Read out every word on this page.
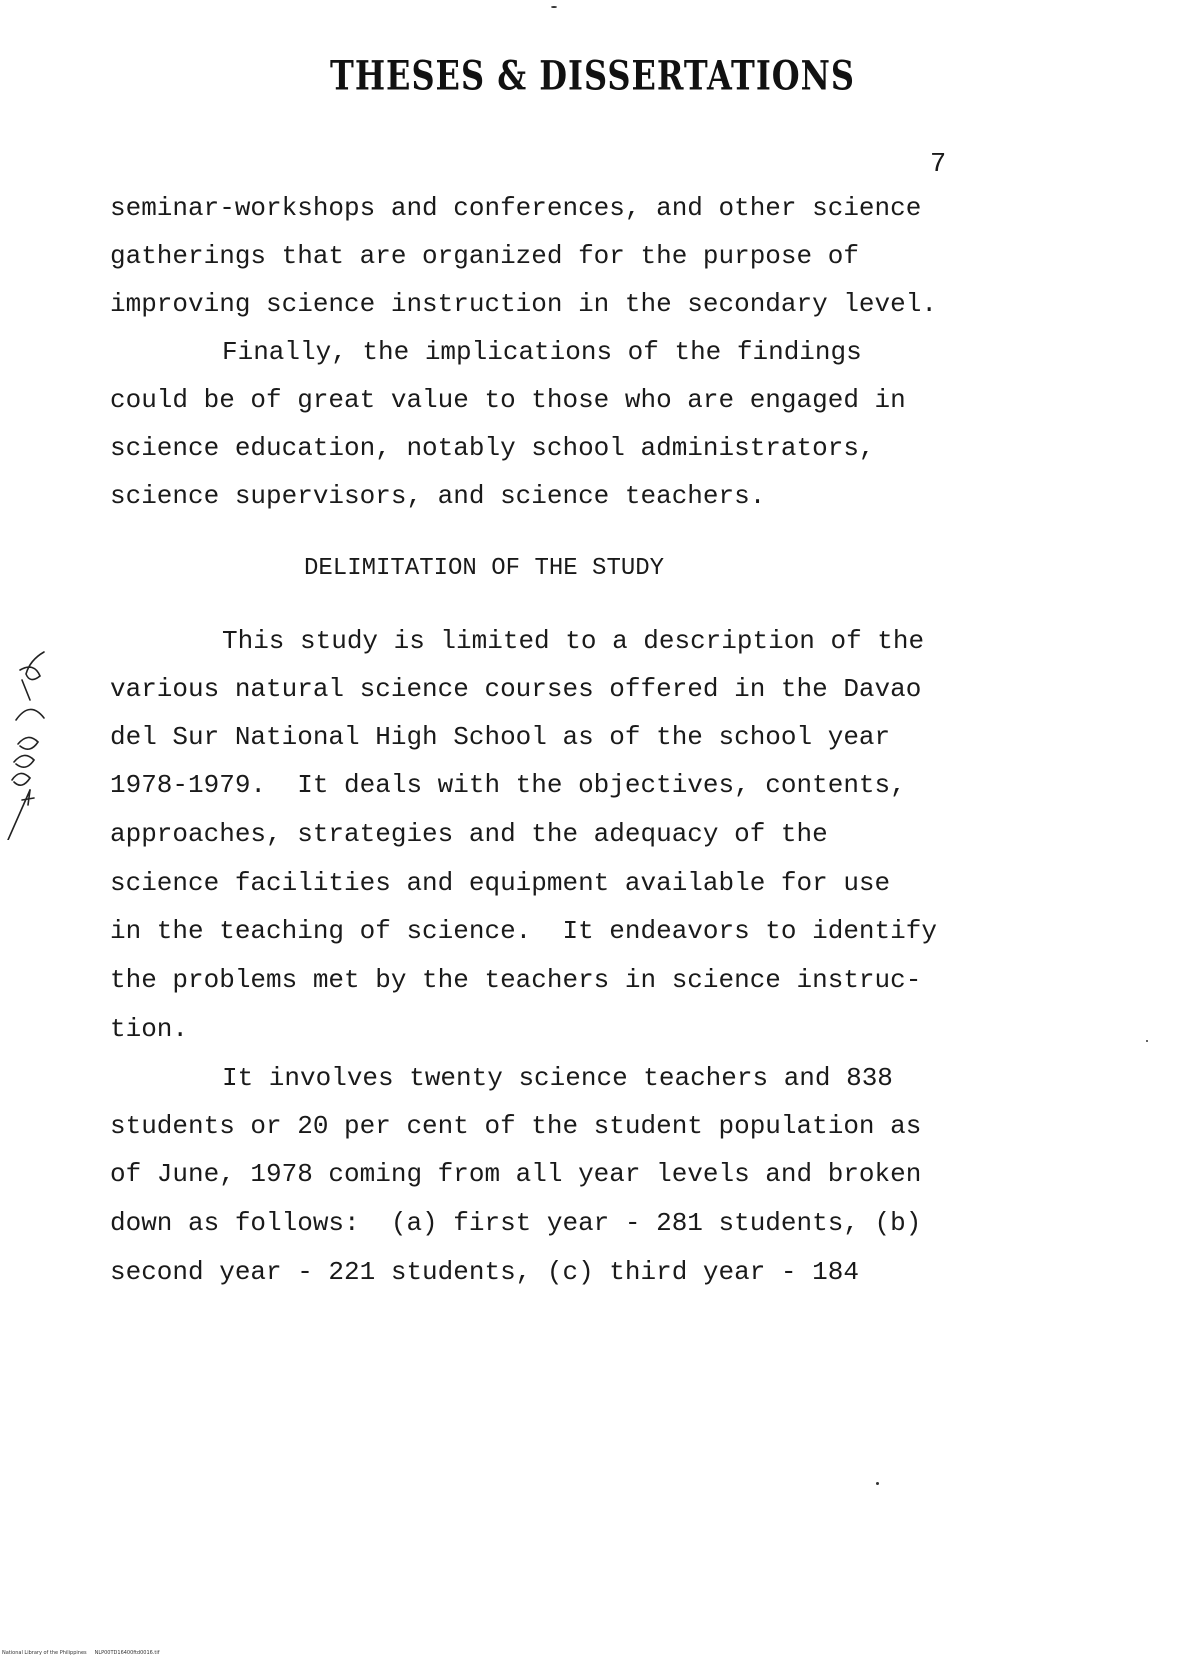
THESES & DISSERTATIONS
7
seminar-workshops and conferences, and other science
gatherings that are organized for the purpose of
improving science instruction in the secondary level.
Finally, the implications of the findings
could be of great value to those who are engaged in
science education, notably school administrators,
science supervisors, and science teachers.
DELIMITATION OF THE STUDY
This study is limited to a description of the
various natural science courses offered in the Davao
del Sur National High School as of the school year
1978-1979.  It deals with the objectives, contents,
approaches, strategies and the adequacy of the
science facilities and equipment available for use
in the teaching of science.  It endeavors to identify
the problems met by the teachers in science instruc-
tion.
It involves twenty science teachers and 838
students or 20 per cent of the student population as
of June, 1978 coming from all year levels and broken
down as follows:  (a) first year - 281 students, (b)
second year - 221 students, (c) third year - 184
National Library of the Philippines     NLP00TD16400ftd0016.tif
